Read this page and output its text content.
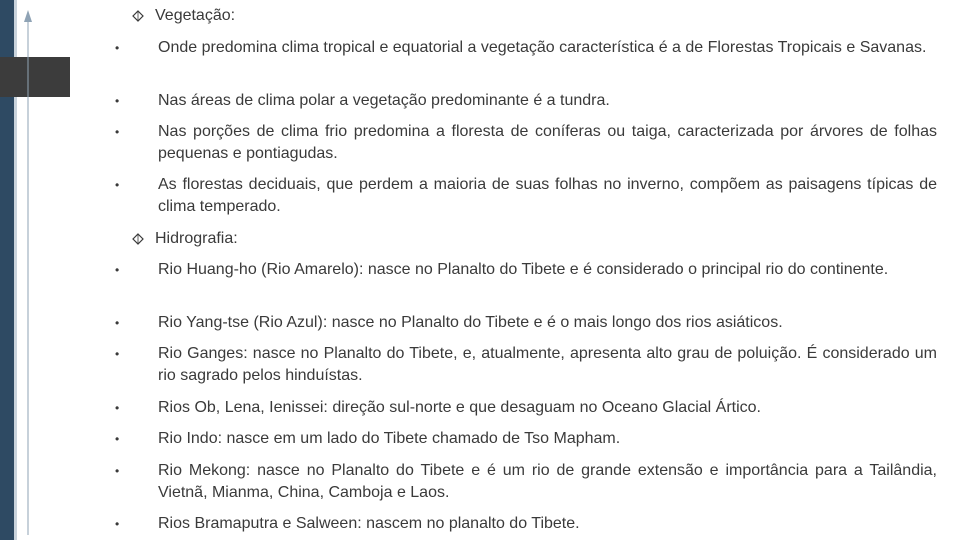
Vegetação:
•	Onde predomina clima tropical e equatorial a vegetação característica é a de Florestas Tropicais e Savanas.
•	Nas áreas de clima polar a vegetação predominante é a tundra.
•	Nas porções de clima frio predomina a floresta de coníferas ou taiga, caracterizada por árvores de folhas pequenas e pontiagudas.
•	As florestas deciduais, que perdem a maioria de suas folhas no inverno, compõem as paisagens típicas de clima temperado.
Hidrografia:
•	Rio Huang-ho (Rio Amarelo): nasce no Planalto do Tibete e é considerado o principal rio do continente.
•	Rio Yang-tse (Rio Azul): nasce no Planalto do Tibete e é o mais longo dos rios asiáticos.
•	Rio Ganges: nasce no Planalto do Tibete, e, atualmente, apresenta alto grau de poluição. É considerado um rio sagrado pelos hinduístas.
•	Rios Ob, Lena, Ienissei: direção sul-norte e que desaguam no Oceano Glacial Ártico.
•	Rio Indo: nasce em um lado do Tibete chamado de Tso Mapham.
•	Rio Mekong: nasce no Planalto do Tibete e é um rio de grande extensão e importância para a Tailândia, Vietnã, Mianma, China, Camboja e Laos.
•	Rios Bramaputra e Salween: nascem no planalto do Tibete.
